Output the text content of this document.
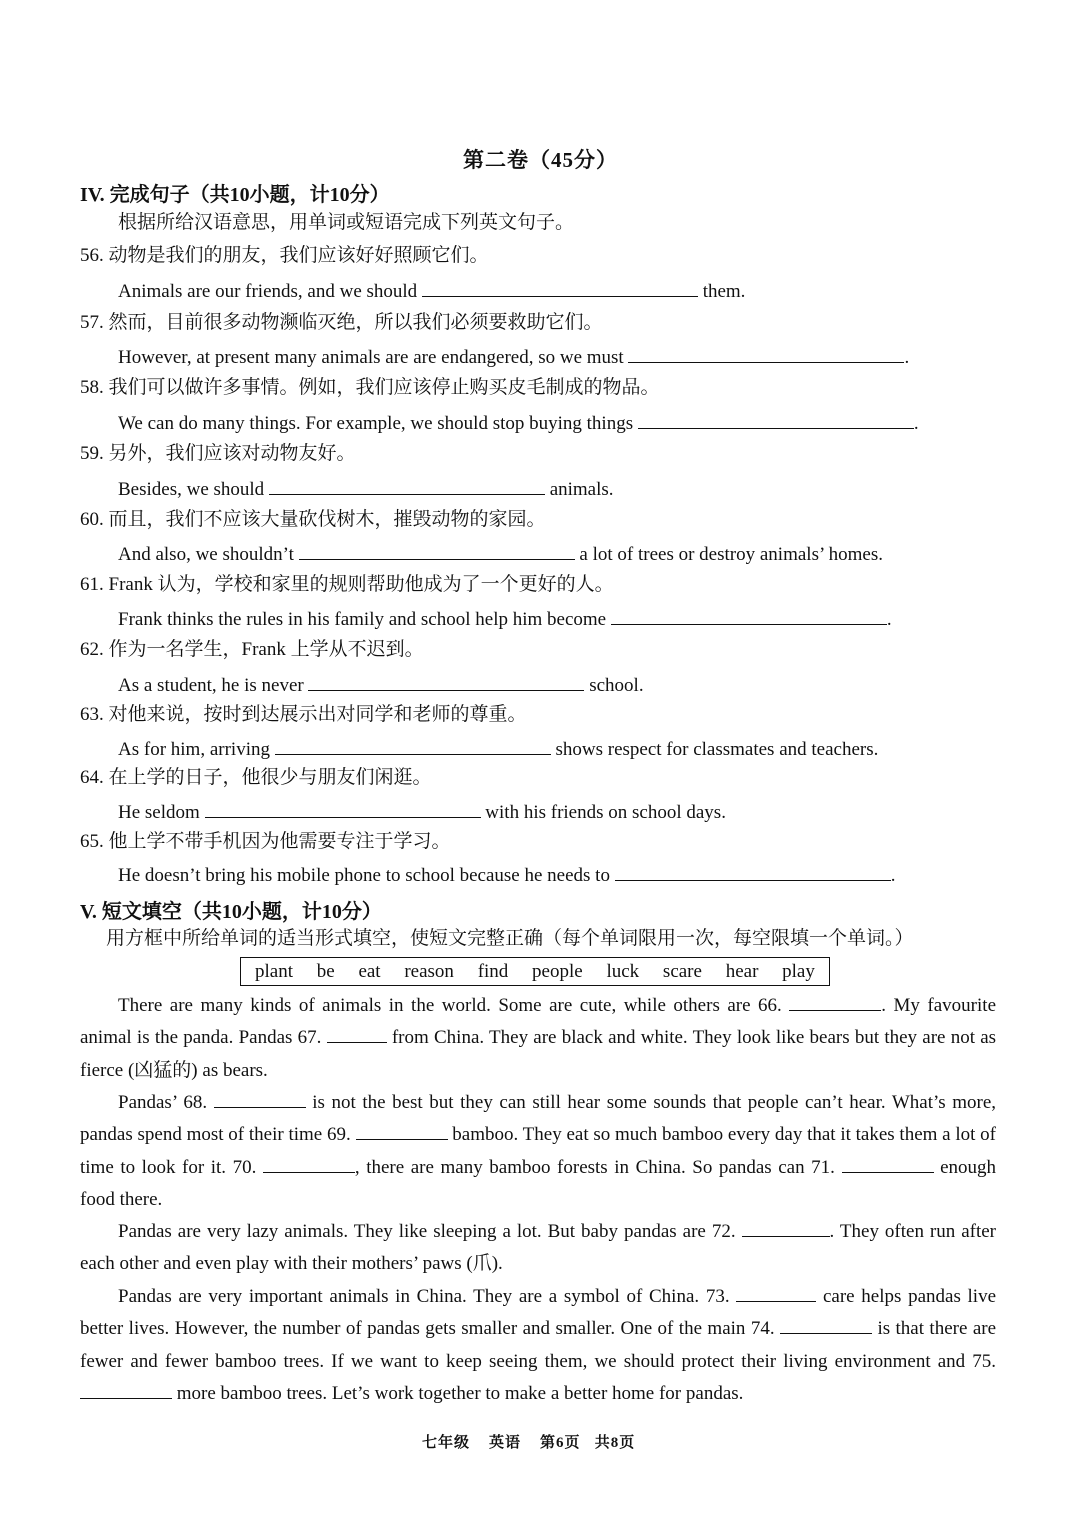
第二卷（45分）
IV. 完成句子（共10小题，计10分）
根据所给汉语意思，用单词或短语完成下列英文句子。
56. 动物是我们的朋友，我们应该好好照顾它们。
Animals are our friends, and we should	them.
57. 然而，目前很多动物濒临灭绝，所以我们必须要救助它们。
However, at present many animals are are endangered, so we must	.
58. 我们可以做许多事情。例如，我们应该停止购买皮毛制成的物品。
We can do many things. For example, we should stop buying things	.
59. 另外，我们应该对动物友好。
Besides, we should	animals.
60. 而且，我们不应该大量砍伐树木，摧毁动物的家园。
And also, we shouldn’t	a lot of trees or destroy animals’ homes.
61. Frank 认为，学校和家里的规则帮助他成为了一个更好的人。
Frank thinks the rules in his family and school help him become	.
62. 作为一名学生，Frank 上学从不迟到。
As a student, he is never	school.
63. 对他来说，按时到达展示出对同学和老师的尊重。
As for him, arriving	shows respect for classmates and teachers.
64. 在上学的日子，他很少与朋友们闲逛。
He seldom	with his friends on school days.
65. 他上学不带手机因为他需要专注于学习。
He doesn’t bring his mobile phone to school because he needs to	.
V. 短文填空（共10小题，计10分）
用方框中所给单词的适当形式填空，使短文完整正确（每个单词限用一次，每空限填一个单词。）
plant be eat reason find people luck scare hear play
There are many kinds of animals in the world. Some are cute, while others are 66.	. My favourite animal is the panda. Pandas 67.	from China. They are black and white. They look like bears but they are not as fierce (凶猛的) as bears.
Pandas’ 68.	is not the best but they can still hear some sounds that people can’t hear. What’s more, pandas spend most of their time 69.	bamboo. They eat so much bamboo every day that it takes them a lot of time to look for it. 70.	, there are many bamboo forests in China. So pandas can 71.	enough food there.
Pandas are very lazy animals. They like sleeping a lot. But baby pandas are 72.	. They often run after each other and even play with their mothers’ paws (爪).
Pandas are very important animals in China. They are a symbol of China. 73.	care helps pandas live better lives. However, the number of pandas gets smaller and smaller. One of the main 74.	is that there are fewer and fewer bamboo trees. If we want to keep seeing them, we should protect their living environment and 75.  more bamboo trees. Let’s work together to make a better home for pandas.
七年级 英语 第6页 共8页
